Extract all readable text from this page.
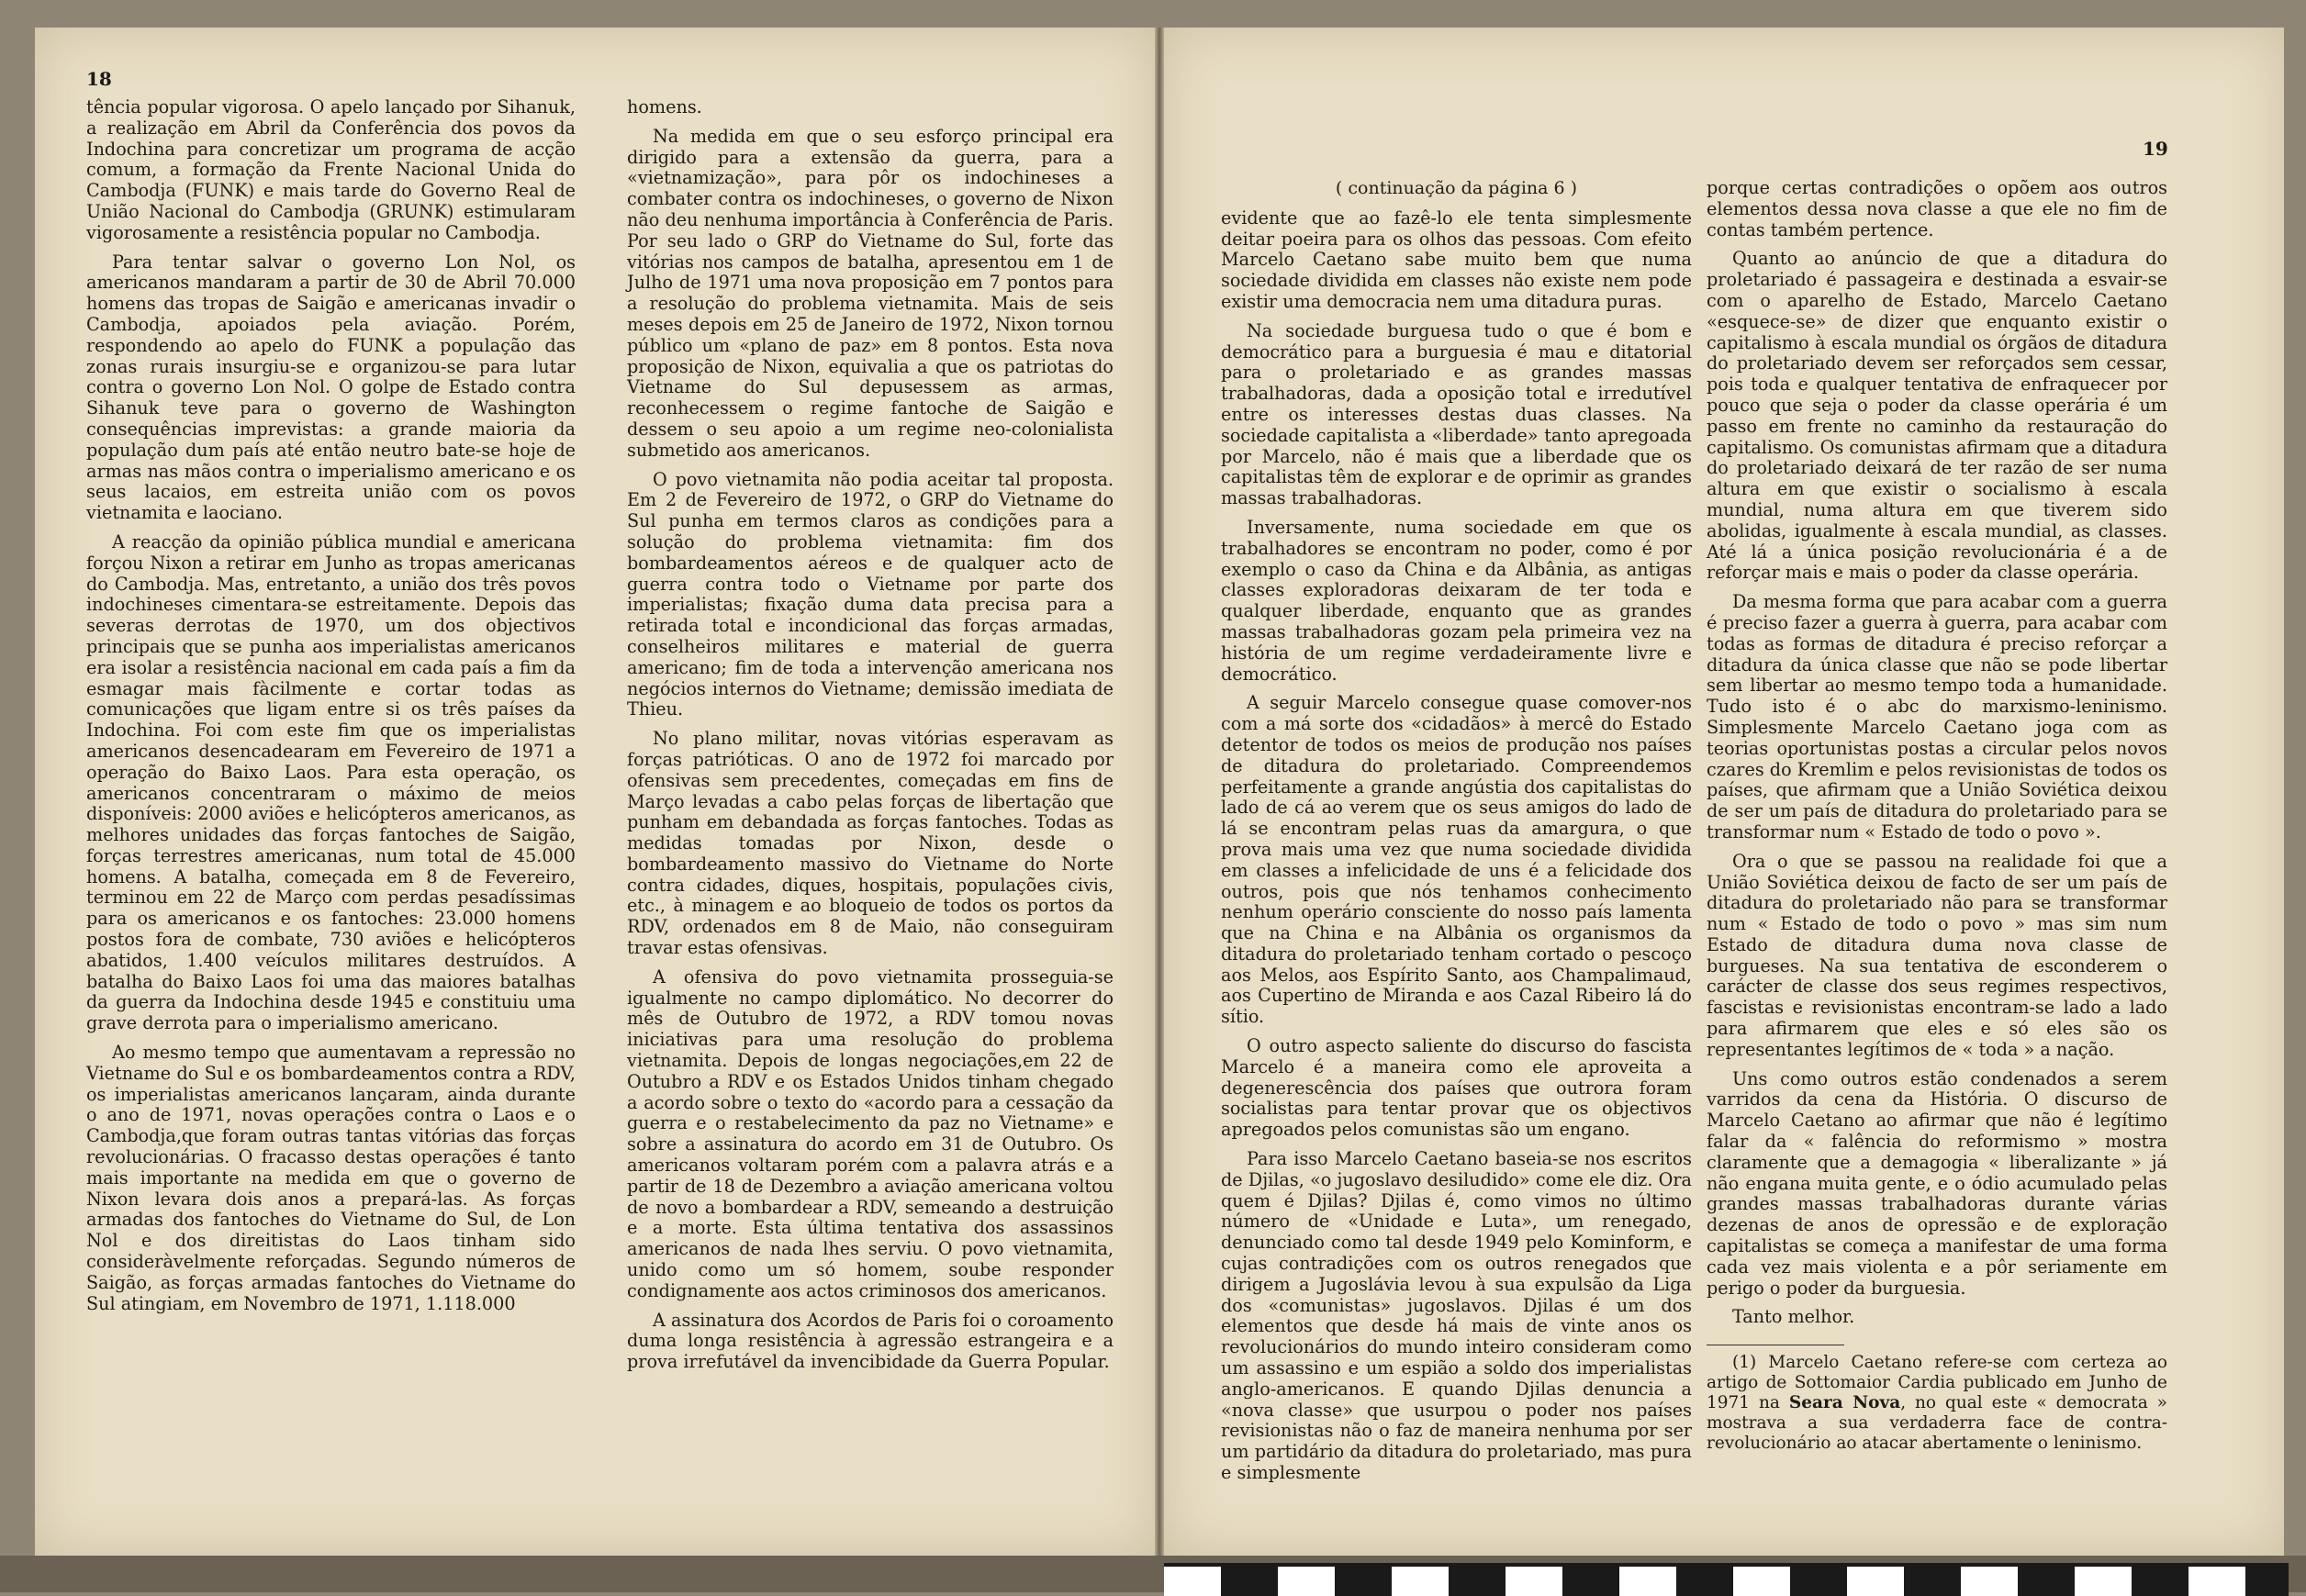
18

tência popular vigorosa. O apelo lançado por Sihanuk, a realização em Abril da Conferência dos povos da Indochina para concretizar um programa de acção comum, a formação da Frente Nacional Unida do Cambodja (FUNK) e mais tarde do Governo Real de União Nacional do Cambodja (GRUNK) estimularam vigorosamente a resistência popular no Cambodja.

Para tentar salvar o governo Lon Nol, os americanos mandaram a partir de 30 de Abril 70.000 homens das tropas de Saigão e americanas invadir o Cambodja, apoiados pela aviação. Porém, respondendo ao apelo do FUNK a população das zonas rurais insurgiu-se e organizou-se para lutar contra o governo Lon Nol. O golpe de Estado contra Sihanuk teve para o governo de Washington consequências imprevistas: a grande maioria da população dum país até então neutro bate-se hoje de armas nas mãos contra o imperialismo americano e os seus lacaios, em estreita união com os povos vietnamita e laociano.

A reacção da opinião pública mundial e americana forçou Nixon a retirar em Junho as tropas americanas do Cambodja. Mas, entretanto, a união dos três povos indochineses cimentara-se estreitamente. Depois das severas derrotas de 1970, um dos objectivos principais que se punha aos imperialistas americanos era isolar a resistência nacional em cada país a fim da esmagar mais fàcilmente e cortar todas as comunicações que ligam entre si os três países da Indochina. Foi com este fim que os imperialistas americanos desencadearam em Fevereiro de 1971 a operação do Baixo Laos. Para esta operação, os americanos concentraram o máximo de meios disponíveis: 2000 aviões e helicópteros americanos, as melhores unidades das forças fantoches de Saigão, forças terrestres americanas, num total de 45.000 homens. A batalha, começada em 8 de Fevereiro, terminou em 22 de Março com perdas pesadíssimas para os americanos e os fantoches: 23.000 homens postos fora de combate, 730 aviões e helicópteros abatidos, 1.400 veículos militares destruídos. A batalha do Baixo Laos foi uma das maiores batalhas da guerra da Indochina desde 1945 e constituiu uma grave derrota para o imperialismo americano.

Ao mesmo tempo que aumentavam a repressão no Vietname do Sul e os bombardeamentos contra a RDV, os imperialistas americanos lançaram, ainda durante o ano de 1971, novas operações contra o Laos e o Cambodja,que foram outras tantas vitórias das forças revolucionárias. O fracasso destas operações é tanto mais importante na medida em que o governo de Nixon levara dois anos a prepará-las. As forças armadas dos fantoches do Vietname do Sul, de Lon Nol e dos direitistas do Laos tinham sido consideràvelmente reforçadas. Segundo números de Saigão, as forças armadas fantoches do Vietname do Sul atingiam, em Novembro de 1971, 1.118.000

homens.

Na medida em que o seu esforço principal era dirigido para a extensão da guerra, para a «vietnamização», para pôr os indochineses a combater contra os indochineses, o governo de Nixon não deu nenhuma importância à Conferência de Paris. Por seu lado o GRP do Vietname do Sul, forte das vitórias nos campos de batalha, apresentou em 1 de Julho de 1971 uma nova proposição em 7 pontos para a resolução do problema vietnamita. Mais de seis meses depois em 25 de Janeiro de 1972, Nixon tornou público um «plano de paz» em 8 pontos. Esta nova proposição de Nixon, equivalia a que os patriotas do Vietname do Sul depusessem as armas, reconhecessem o regime fantoche de Saigão e dessem o seu apoio a um regime neo-colonialista submetido aos americanos.

O povo vietnamita não podia aceitar tal proposta. Em 2 de Fevereiro de 1972, o GRP do Vietname do Sul punha em termos claros as condições para a solução do problema vietnamita: fim dos bombardeamentos aéreos e de qualquer acto de guerra contra todo o Vietname por parte dos imperialistas; fixação duma data precisa para a retirada total e incondicional das forças armadas, conselheiros militares e material de guerra americano; fim de toda a intervenção americana nos negócios internos do Vietname; demissão imediata de Thieu.

No plano militar, novas vitórias esperavam as forças patrióticas. O ano de 1972 foi marcado por ofensivas sem precedentes, começadas em fins de Março levadas a cabo pelas forças de libertação que punham em debandada as forças fantoches. Todas as medidas tomadas por Nixon, desde o bombardeamento massivo do Vietname do Norte contra cidades, diques, hospitais, populações civis, etc., à minagem e ao bloqueio de todos os portos da RDV, ordenados em 8 de Maio, não conseguiram travar estas ofensivas.

A ofensiva do povo vietnamita prosseguia-se igualmente no campo diplomático. No decorrer do mês de Outubro de 1972, a RDV tomou novas iniciativas para uma resolução do problema vietnamita. Depois de longas negociações,em 22 de Outubro a RDV e os Estados Unidos tinham chegado a acordo sobre o texto do «acordo para a cessação da guerra e o restabelecimento da paz no Vietname» e sobre a assinatura do acordo em 31 de Outubro. Os americanos voltaram porém com a palavra atrás e a partir de 18 de Dezembro a aviação americana voltou de novo a bombardear a RDV, semeando a destruição e a morte. Esta última tentativa dos assassinos americanos de nada lhes serviu. O povo vietnamita, unido como um só homem, soube responder condignamente aos actos criminosos dos americanos.

A assinatura dos Acordos de Paris foi o coroamento duma longa resistência à agressão estrangeira e a prova irrefutável da invencibidade da Guerra Popular.

19
( continuação da página 6 )

evidente que ao fazê-lo ele tenta simplesmente deitar poeira para os olhos das pessoas. Com efeito Marcelo Caetano sabe muito bem que numa sociedade dividida em classes não existe nem pode existir uma democracia nem uma ditadura puras.

Na sociedade burguesa tudo o que é bom e democrático para a burguesia é mau e ditatorial para o proletariado e as grandes massas trabalhadoras, dada a oposição total e irredutível entre os interesses destas duas classes. Na sociedade capitalista a «liberdade» tanto apregoada por Marcelo, não é mais que a liberdade que os capitalistas têm de explorar e de oprimir as grandes massas trabalhadoras.

Inversamente, numa sociedade em que os trabalhadores se encontram no poder, como é por exemplo o caso da China e da Albânia, as antigas classes exploradoras deixaram de ter toda e qualquer liberdade, enquanto que as grandes massas trabalhadoras gozam pela primeira vez na história de um regime verdadeiramente livre e democrático.

A seguir Marcelo consegue quase comover-nos com a má sorte dos «cidadãos» à mercê do Estado detentor de todos os meios de produção nos países de ditadura do proletariado. Compreendemos perfeitamente a grande angústia dos capitalistas do lado de cá ao verem que os seus amigos do lado de lá se encontram pelas ruas da amargura, o que prova mais uma vez que numa sociedade dividida em classes a infelicidade de uns é a felicidade dos outros, pois que nós tenhamos conhecimento nenhum operário consciente do nosso país lamenta que na China e na Albânia os organismos da ditadura do proletariado tenham cortado o pescoço aos Melos, aos Espírito Santo, aos Champalimaud, aos Cupertino de Miranda e aos Cazal Ribeiro lá do sítio.

O outro aspecto saliente do discurso do fascista Marcelo é a maneira como ele aproveita a degenerescência dos países que outrora foram socialistas para tentar provar que os objectivos apregoados pelos comunistas são um engano.

Para isso Marcelo Caetano baseia-se nos escritos de Djilas, «o jugoslavo desiludido» come ele diz. Ora quem é Djilas? Djilas é, como vimos no último número de «Unidade e Luta», um renegado, denunciado como tal desde 1949 pelo Kominform, e cujas contradições com os outros renegados que dirigem a Jugoslávia levou à sua expulsão da Liga dos «comunistas» jugoslavos. Djilas é um dos elementos que desde há mais de vinte anos os revolucionários do mundo inteiro consideram como um assassino e um espião a soldo dos imperialistas anglo-americanos. E quando Djilas denuncia a «nova classe» que usurpou o poder nos países revisionistas não o faz de maneira nenhuma por ser um partidário da ditadura do proletariado, mas pura e simplesmente

porque certas contradições o opõem aos outros elementos dessa nova classe a que ele no fim de contas também pertence.

Quanto ao anúncio de que a ditadura do proletariado é passageira e destinada a esvair-se com o aparelho de Estado, Marcelo Caetano «esquece-se» de dizer que enquanto existir o capitalismo à escala mundial os órgãos de ditadura do proletariado devem ser reforçados sem cessar, pois toda e qualquer tentativa de enfraquecer por pouco que seja o poder da classe operária é um passo em frente no caminho da restauração do capitalismo. Os comunistas afirmam que a ditadura do proletariado deixará de ter razão de ser numa altura em que existir o socialismo à escala mundial, numa altura em que tiverem sido abolidas, igualmente à escala mundial, as classes. Até lá a única posição revolucionária é a de reforçar mais e mais o poder da classe operária.

Da mesma forma que para acabar com a guerra é preciso fazer a guerra à guerra, para acabar com todas as formas de ditadura é preciso reforçar a ditadura da única classe que não se pode libertar sem libertar ao mesmo tempo toda a humanidade. Tudo isto é o abc do marxismo-leninismo. Simplesmente Marcelo Caetano joga com as teorias oportunistas postas a circular pelos novos czares do Kremlim e pelos revisionistas de todos os países, que afirmam que a União Soviética deixou de ser um país de ditadura do proletariado para se transformar num « Estado de todo o povo ».

Ora o que se passou na realidade foi que a União Soviética deixou de facto de ser um país de ditadura do proletariado não para se transformar num « Estado de todo o povo » mas sim num Estado de ditadura duma nova classe de burgueses. Na sua tentativa de esconderem o carácter de classe dos seus regimes respectivos, fascistas e revisionistas encontram-se lado a lado para afirmarem que eles e só eles são os representantes legítimos de « toda » a nação.

Uns como outros estão condenados a serem varridos da cena da História. O discurso de Marcelo Caetano ao afirmar que não é legítimo falar da « falência do reformismo » mostra claramente que a demagogia « liberalizante » já não engana muita gente, e o ódio acumulado pelas grandes massas trabalhadoras durante várias dezenas de anos de opressão e de exploração capitalistas se começa a manifestar de uma forma cada vez mais violenta e a pôr seriamente em perigo o poder da burguesia.

Tanto melhor.

(1) Marcelo Caetano refere-se com certeza ao artigo de Sottomaior Cardia publicado em Junho de 1971 na Seara Nova, no qual este « democrata » mostrava a sua verdaderra face de contra-revolucionário ao atacar abertamente o leninismo.
